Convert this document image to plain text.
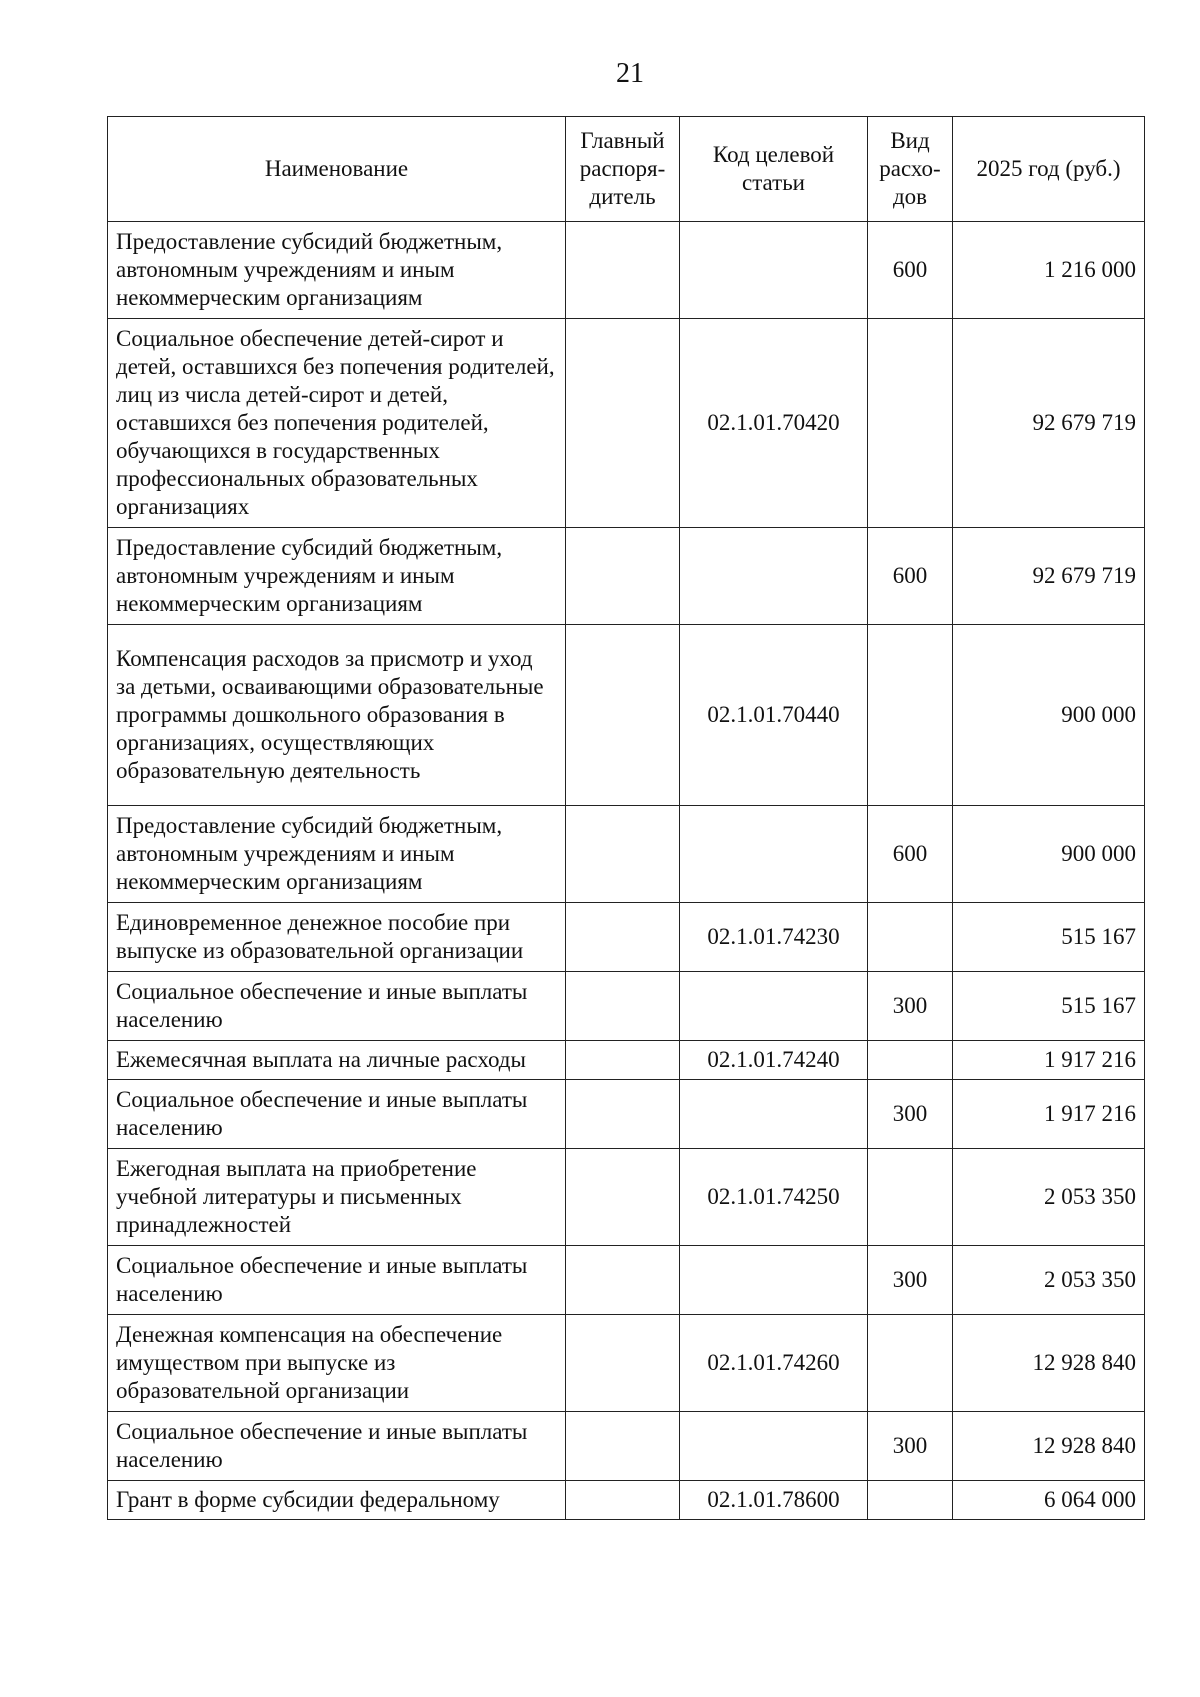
21
Наименование	Главный распоря-дитель	Код целевой статьи	Вид расхо-дов	2025 год (руб.)
Предоставление субсидий бюджетным, автономным учреждениям и иным некоммерческим организациям			600	1 216 000
Социальное обеспечение детей-сирот и детей, оставшихся без попечения родителей, лиц из числа детей-сирот и детей, оставшихся без попечения родителей, обучающихся в государственных профессиональных образовательных организациях		02.1.01.70420		92 679 719
Предоставление субсидий бюджетным, автономным учреждениям и иным некоммерческим организациям			600	92 679 719
Компенсация расходов за присмотр и уход за детьми, осваивающими образовательные программы дошкольного образования в организациях, осуществляющих образовательную деятельность		02.1.01.70440		900 000
Предоставление субсидий бюджетным, автономным учреждениям и иным некоммерческим организациям			600	900 000
Единовременное денежное пособие при выпуске из образовательной организации		02.1.01.74230		515 167
Социальное обеспечение и иные выплаты населению			300	515 167
Ежемесячная выплата на личные расходы		02.1.01.74240		1 917 216
Социальное обеспечение и иные выплаты населению			300	1 917 216
Ежегодная выплата на приобретение учебной литературы и письменных принадлежностей		02.1.01.74250		2 053 350
Социальное обеспечение и иные выплаты населению			300	2 053 350
Денежная компенсация на обеспечение имуществом при выпуске из образовательной организации		02.1.01.74260		12 928 840
Социальное обеспечение и иные выплаты населению			300	12 928 840
Грант в форме субсидии федеральному		02.1.01.78600		6 064 000
